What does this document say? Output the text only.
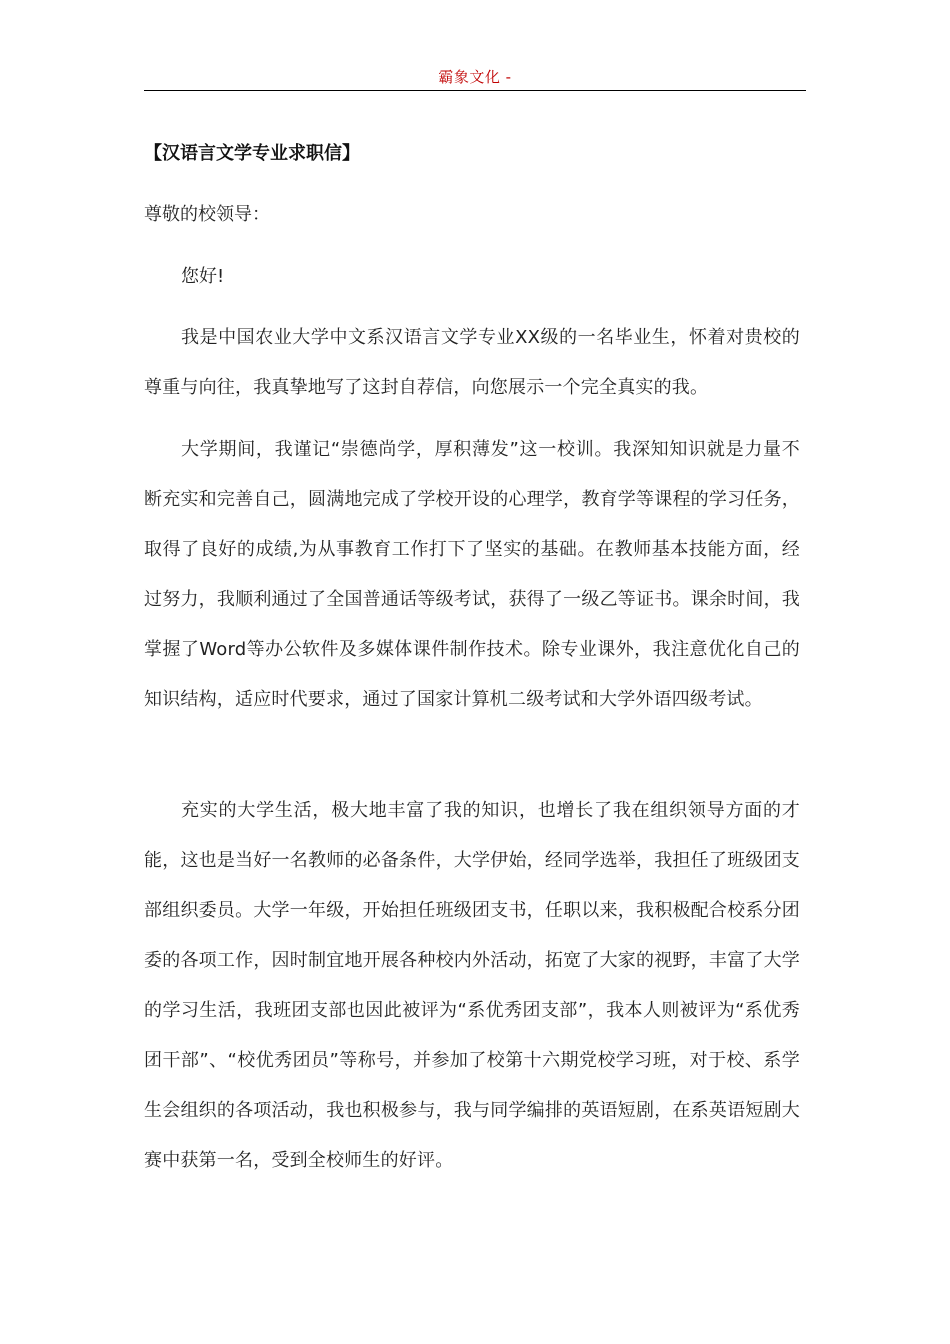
霸象文化 -
【汉语言文学专业求职信】
尊敬的校领导：
您好!
我是中国农业大学中文系汉语言文学专业XX级的一名毕业生，怀着对贵校的尊重与向往，我真挚地写了这封自荐信，向您展示一个完全真实的我。
大学期间，我谨记“崇德尚学，厚积薄发”这一校训。我深知知识就是力量不断充实和完善自己，圆满地完成了学校开设的心理学，教育学等课程的学习任务，取得了良好的成绩,为从事教育工作打下了坚实的基础。在教师基本技能方面，经过努力，我顺利通过了全国普通话等级考试，获得了一级乙等证书。课余时间，我掌握了Word等办公软件及多媒体课件制作技术。除专业课外，我注意优化自己的知识结构，适应时代要求，通过了国家计算机二级考试和大学外语四级考试。
充实的大学生活，极大地丰富了我的知识，也增长了我在组织领导方面的才能，这也是当好一名教师的必备条件，大学伊始，经同学选举，我担任了班级团支部组织委员。大学一年级，开始担任班级团支书，任职以来，我积极配合校系分团委的各项工作，因时制宜地开展各种校内外活动，拓宽了大家的视野，丰富了大学的学习生活，我班团支部也因此被评为“系优秀团支部”，我本人则被评为“系优秀团干部”、“校优秀团员”等称号，并参加了校第十六期党校学习班，对于校、系学生会组织的各项活动，我也积极参与，我与同学编排的英语短剧，在系英语短剧大赛中获第一名，受到全校师生的好评。
